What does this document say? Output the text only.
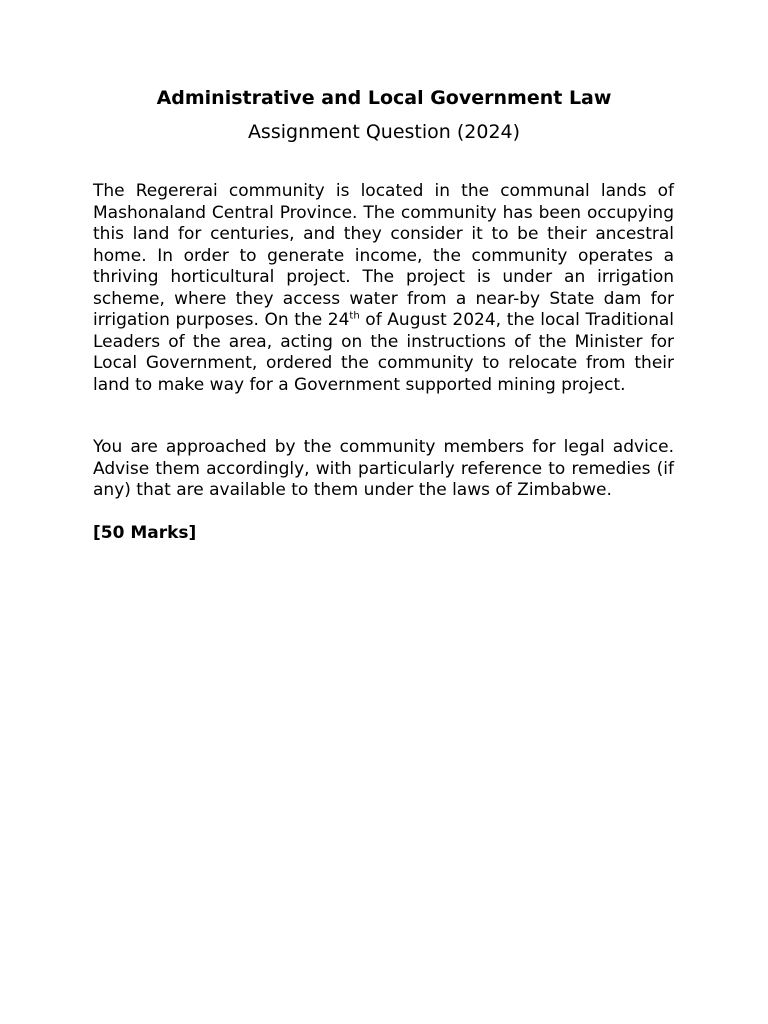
Administrative and Local Government Law
Assignment Question (2024)

The Regererai community is located in the communal lands of Mashonaland Central Province. The community has been occupying this land for centuries, and they consider it to be their ancestral home. In order to generate income, the community operates a thriving horticultural project. The project is under an irrigation scheme, where they access water from a near-by State dam for irrigation purposes. On the 24th of August 2024, the local Traditional Leaders of the area, acting on the instructions of the Minister for Local Government, ordered the community to relocate from their land to make way for a Government supported mining project.

You are approached by the community members for legal advice. Advise them accordingly, with particularly reference to remedies (if any) that are available to them under the laws of Zimbabwe.

[50 Marks]
